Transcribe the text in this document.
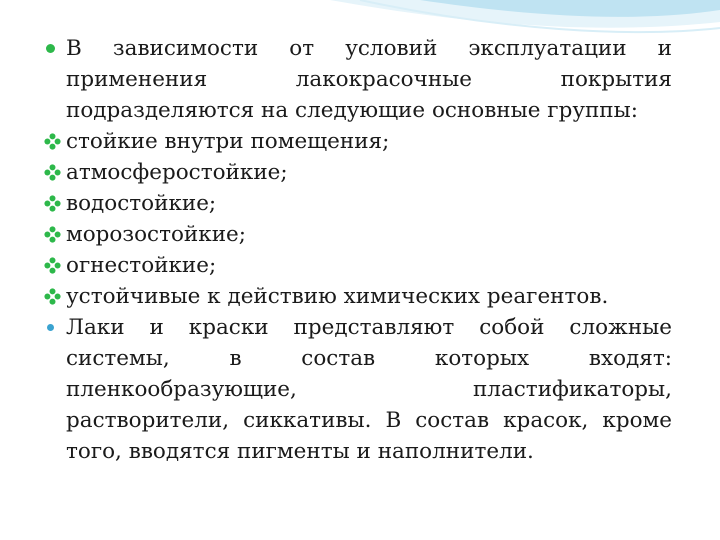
В зависимости от условий эксплуатации и применения лакокрасочные покрытия подразделяются на следующие основные группы:
стойкие внутри помещения;
атмосферостойкие;
водостойкие;
морозостойкие;
огнестойкие;
устойчивые к действию химических реагентов.
Лаки и краски представляют собой сложные системы, в состав которых входят: пленкообразующие, пластификаторы, растворители, сиккативы. В состав красок, кроме того, вводятся пигменты и наполнители.
